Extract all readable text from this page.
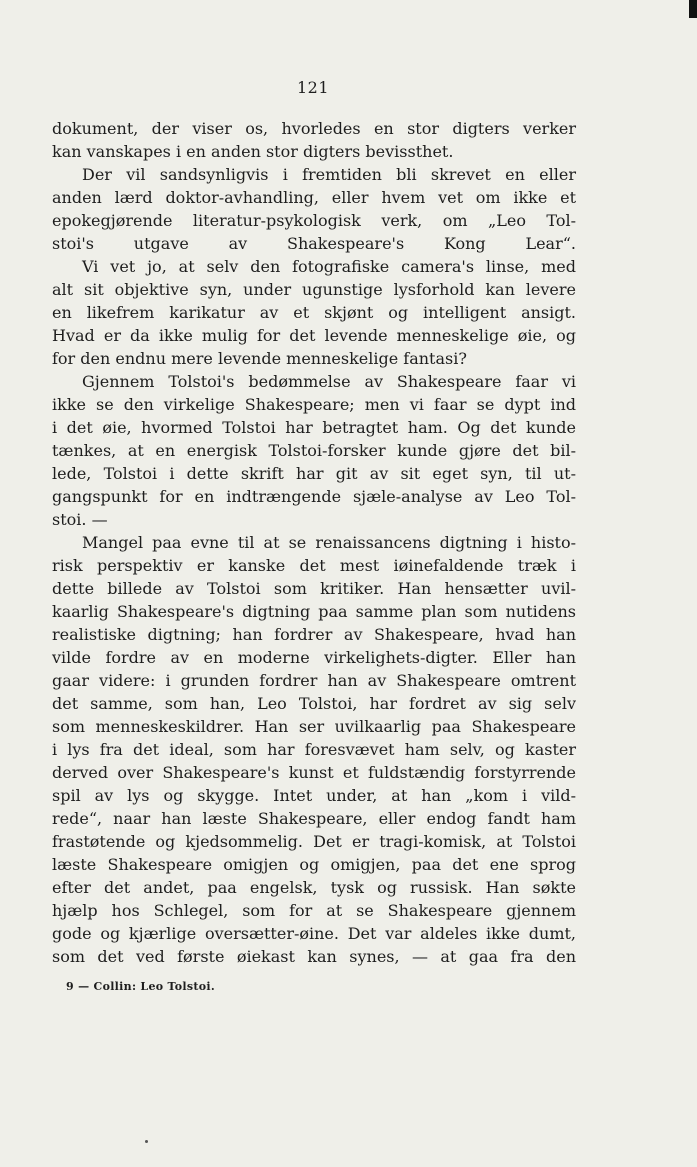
121
dokument, der viser os, hvorledes en stor digters verker
kan vanskapes i en anden stor digters bevissthet.
Der vil sandsynligvis i fremtiden bli skrevet en eller
anden lærd doktor-avhandling, eller hvem vet om ikke et
epokegjørende literatur-psykologisk verk, om „Leo Tol-
stoi's utgave av Shakespeare's Kong Lear“.
Vi vet jo, at selv den fotografiske camera's linse, med
alt sit objektive syn, under ugunstige lysforhold kan levere
en likefrem karikatur av et skjønt og intelligent ansigt.
Hvad er da ikke mulig for det levende menneskelige øie, og
for den endnu mere levende menneskelige fantasi?
Gjennem Tolstoi's bedømmelse av Shakespeare faar vi
ikke se den virkelige Shakespeare; men vi faar se dypt ind
i det øie, hvormed Tolstoi har betragtet ham. Og det kunde
tænkes, at en energisk Tolstoi-forsker kunde gjøre det bil-
lede, Tolstoi i dette skrift har git av sit eget syn, til ut-
gangspunkt for en indtrængende sjæle-analyse av Leo Tol-
stoi. —
Mangel paa evne til at se renaissancens digtning i histo-
risk perspektiv er kanske det mest iøinefaldende træk i
dette billede av Tolstoi som kritiker. Han hensætter uvil-
kaarlig Shakespeare's digtning paa samme plan som nutidens
realistiske digtning; han fordrer av Shakespeare, hvad han
vilde fordre av en moderne virkelighets-digter. Eller han
gaar videre: i grunden fordrer han av Shakespeare omtrent
det samme, som han, Leo Tolstoi, har fordret av sig selv
som menneskeskildrer. Han ser uvilkaarlig paa Shakespeare
i lys fra det ideal, som har foresvævet ham selv, og kaster
derved over Shakespeare's kunst et fuldstændig forstyrrende
spil av lys og skygge. Intet under, at han „kom i vild-
rede“, naar han læste Shakespeare, eller endog fandt ham
frastøtende og kjedsommelig. Det er tragi-komisk, at Tolstoi
læste Shakespeare omigjen og omigjen, paa det ene sprog
efter det andet, paa engelsk, tysk og russisk. Han søkte
hjælp hos Schlegel, som for at se Shakespeare gjennem
gode og kjærlige oversætter-øine. Det var aldeles ikke dumt,
som det ved første øiekast kan synes, — at gaa fra den
9 — Collin: Leo Tolstoi.
